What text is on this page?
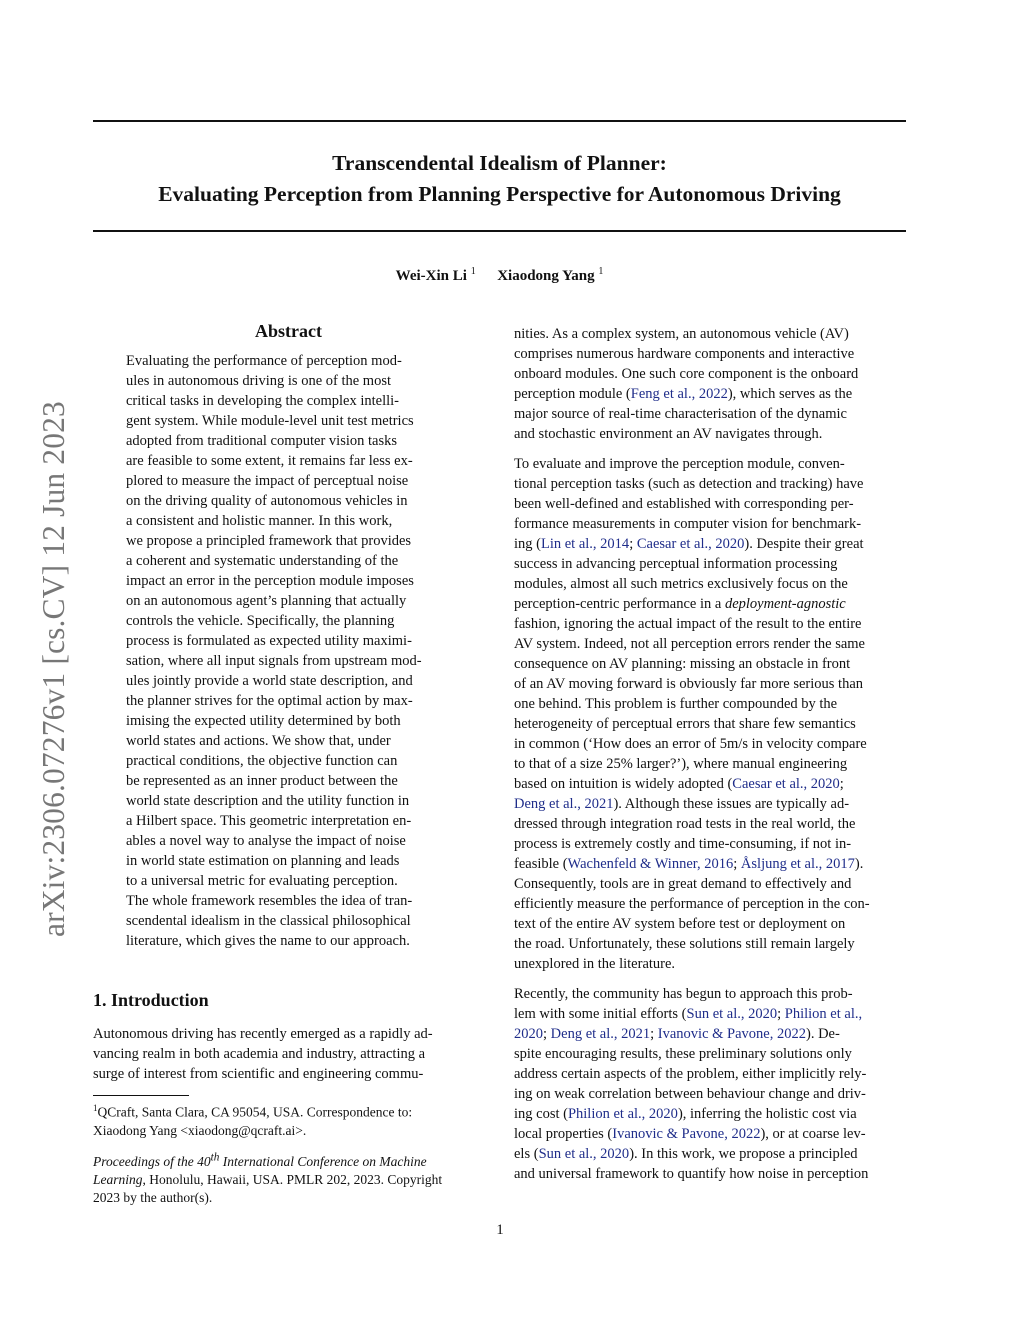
arXiv:2306.07276v1 [cs.CV] 12 Jun 2023
Transcendental Idealism of Planner:
Evaluating Perception from Planning Perspective for Autonomous Driving
Wei-Xin Li $^1$ Xiaodong Yang $^1$
Abstract
Evaluating the performance of perception mod-
ules in autonomous driving is one of the most
critical tasks in developing the complex intelli-
gent system. While module-level unit test metrics
adopted from traditional computer vision tasks
are feasible to some extent, it remains far less ex-
plored to measure the impact of perceptual noise
on the driving quality of autonomous vehicles in
a consistent and holistic manner. In this work,
we propose a principled framework that provides
a coherent and systematic understanding of the
impact an error in the perception module imposes
on an autonomous agent’s planning that actually
controls the vehicle. Specifically, the planning
process is formulated as expected utility maximi-
sation, where all input signals from upstream mod-
ules jointly provide a world state description, and
the planner strives for the optimal action by max-
imising the expected utility determined by both
world states and actions. We show that, under
practical conditions, the objective function can
be represented as an inner product between the
world state description and the utility function in
a Hilbert space. This geometric interpretation en-
ables a novel way to analyse the impact of noise
in world state estimation on planning and leads
to a universal metric for evaluating perception.
The whole framework resembles the idea of tran-
scendental idealism in the classical philosophical
literature, which gives the name to our approach.
1. Introduction
Autonomous driving has recently emerged as a rapidly ad-
vancing realm in both academia and industry, attracting a
surge of interest from scientific and engineering commu-
$^1$QCraft, Santa Clara, CA 95054, USA. Correspondence to:
Xiaodong Yang <xiaodong@qcraft.ai>.
Proceedings of the 40th International Conference on Machine
Learning, Honolulu, Hawaii, USA. PMLR 202, 2023. Copyright
2023 by the author(s).
nities. As a complex system, an autonomous vehicle (AV)
comprises numerous hardware components and interactive
onboard modules. One such core component is the onboard
perception module (Feng et al., 2022), which serves as the
major source of real-time characterisation of the dynamic
and stochastic environment an AV navigates through.
To evaluate and improve the perception module, conven-
tional perception tasks (such as detection and tracking) have
been well-defined and established with corresponding per-
formance measurements in computer vision for benchmark-
ing (Lin et al., 2014; Caesar et al., 2020). Despite their great
success in advancing perceptual information processing
modules, almost all such metrics exclusively focus on the
perception-centric performance in a deployment-agnostic
fashion, ignoring the actual impact of the result to the entire
AV system. Indeed, not all perception errors render the same
consequence on AV planning: missing an obstacle in front
of an AV moving forward is obviously far more serious than
one behind. This problem is further compounded by the
heterogeneity of perceptual errors that share few semantics
in common (‘How does an error of 5m/s in velocity compare
to that of a size 25% larger?’), where manual engineering
based on intuition is widely adopted (Caesar et al., 2020;
Deng et al., 2021). Although these issues are typically ad-
dressed through integration road tests in the real world, the
process is extremely costly and time-consuming, if not in-
feasible (Wachenfeld & Winner, 2016; Åsljung et al., 2017).
Consequently, tools are in great demand to effectively and
efficiently measure the performance of perception in the con-
text of the entire AV system before test or deployment on
the road. Unfortunately, these solutions still remain largely
unexplored in the literature.
Recently, the community has begun to approach this prob-
lem with some initial efforts (Sun et al., 2020; Philion et al.,
2020; Deng et al., 2021; Ivanovic & Pavone, 2022). De-
spite encouraging results, these preliminary solutions only
address certain aspects of the problem, either implicitly rely-
ing on weak correlation between behaviour change and driv-
ing cost (Philion et al., 2020), inferring the holistic cost via
local properties (Ivanovic & Pavone, 2022), or at coarse lev-
els (Sun et al., 2020). In this work, we propose a principled
and universal framework to quantify how noise in perception
1
